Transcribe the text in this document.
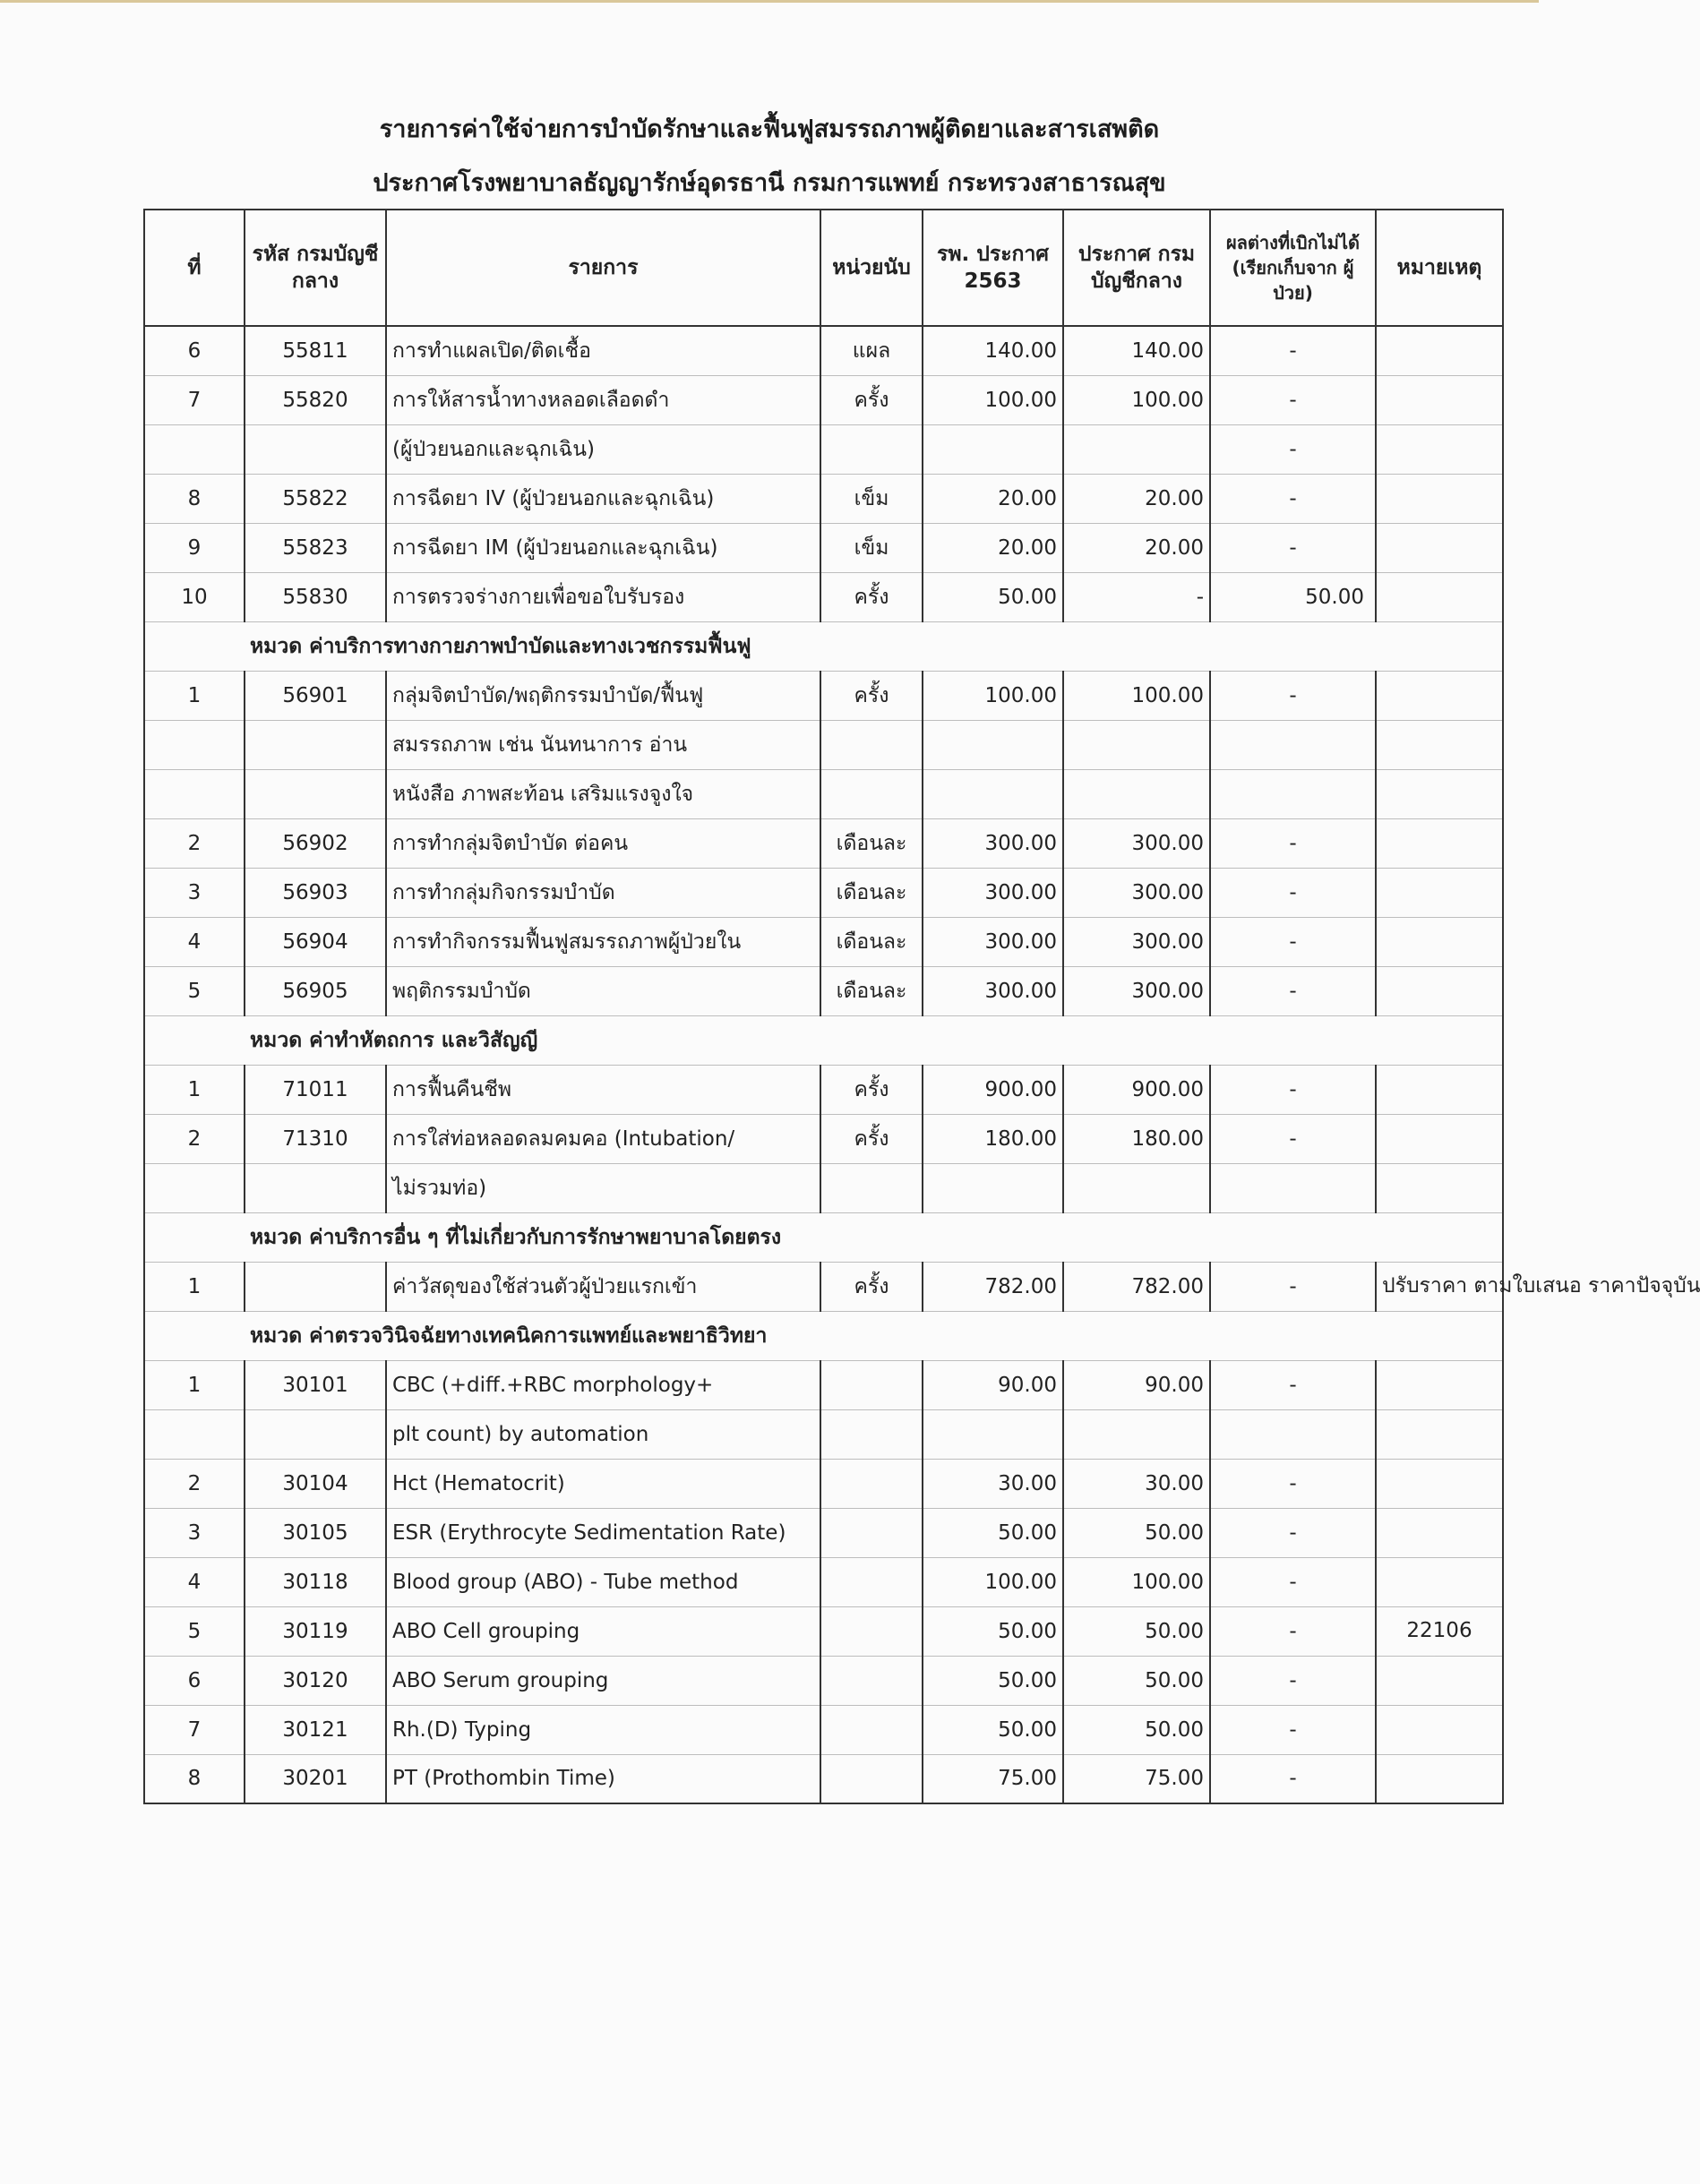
รายการค่าใช้จ่ายการบำบัดรักษาและฟื้นฟูสมรรถภาพผู้ติดยาและสารเสพติด
ประกาศโรงพยาบาลธัญญารักษ์อุดรธานี กรมการแพทย์ กระทรวงสาธารณสุข
ที่	รหัส กรมบัญชีกลาง	รายการ	หน่วยนับ	รพ. ประกาศ 2563	ประกาศ กรมบัญชีกลาง	ผลต่างที่เบิกไม่ได้ (เรียกเก็บจาก ผู้ป่วย)	หมายเหตุ
6	55811	การทำแผลเปิด/ติดเชื้อ	แผล	140.00	140.00	-	
7	55820	การให้สารน้ำทางหลอดเลือดดำ	ครั้ง	100.00	100.00	-	
		(ผู้ป่วยนอกและฉุกเฉิน)				-	
8	55822	การฉีดยา IV (ผู้ป่วยนอกและฉุกเฉิน)	เข็ม	20.00	20.00	-	
9	55823	การฉีดยา IM (ผู้ป่วยนอกและฉุกเฉิน)	เข็ม	20.00	20.00	-	
10	55830	การตรวจร่างกายเพื่อขอใบรับรอง	ครั้ง	50.00	-	50.00	
	หมวด ค่าบริการทางกายภาพบำบัดและทางเวชกรรมฟื้นฟู						
1	56901	กลุ่มจิตบำบัด/พฤติกรรมบำบัด/ฟื้นฟู	ครั้ง	100.00	100.00	-	
		สมรรถภาพ เช่น นันทนาการ อ่าน					
		หนังสือ ภาพสะท้อน เสริมแรงจูงใจ					
2	56902	การทำกลุ่มจิตบำบัด ต่อคน	เดือนละ	300.00	300.00	-	
3	56903	การทำกลุ่มกิจกรรมบำบัด	เดือนละ	300.00	300.00	-	
4	56904	การทำกิจกรรมฟื้นฟูสมรรถภาพผู้ป่วยใน	เดือนละ	300.00	300.00	-	
5	56905	พฤติกรรมบำบัด	เดือนละ	300.00	300.00	-	
	หมวด ค่าทำหัตถการ และวิสัญญี						
1	71011	การฟื้นคืนชีพ	ครั้ง	900.00	900.00	-	
2	71310	การใส่ท่อหลอดลมคมคอ (Intubation/	ครั้ง	180.00	180.00	-	
		ไม่รวมท่อ)					
	หมวด ค่าบริการอื่น ๆ ที่ไม่เกี่ยวกับการรักษาพยาบาลโดยตรง						
1		ค่าวัสดุของใช้ส่วนตัวผู้ป่วยแรกเข้า	ครั้ง	782.00	782.00	-	ปรับราคา ตามใบเสนอ ราคาปัจจุบัน
	หมวด ค่าตรวจวินิจฉัยทางเทคนิคการแพทย์และพยาธิวิทยา						
1	30101	CBC (+diff.+RBC morphology+		90.00	90.00	-	
		plt count) by automation					
2	30104	Hct (Hematocrit)		30.00	30.00	-	
3	30105	ESR (Erythrocyte Sedimentation Rate)		50.00	50.00	-	
4	30118	Blood group (ABO) - Tube method		100.00	100.00	-	
5	30119	ABO Cell grouping		50.00	50.00	-	22106
6	30120	ABO Serum grouping		50.00	50.00	-	
7	30121	Rh.(D) Typing		50.00	50.00	-	
8	30201	PT (Prothombin Time)		75.00	75.00	-	
